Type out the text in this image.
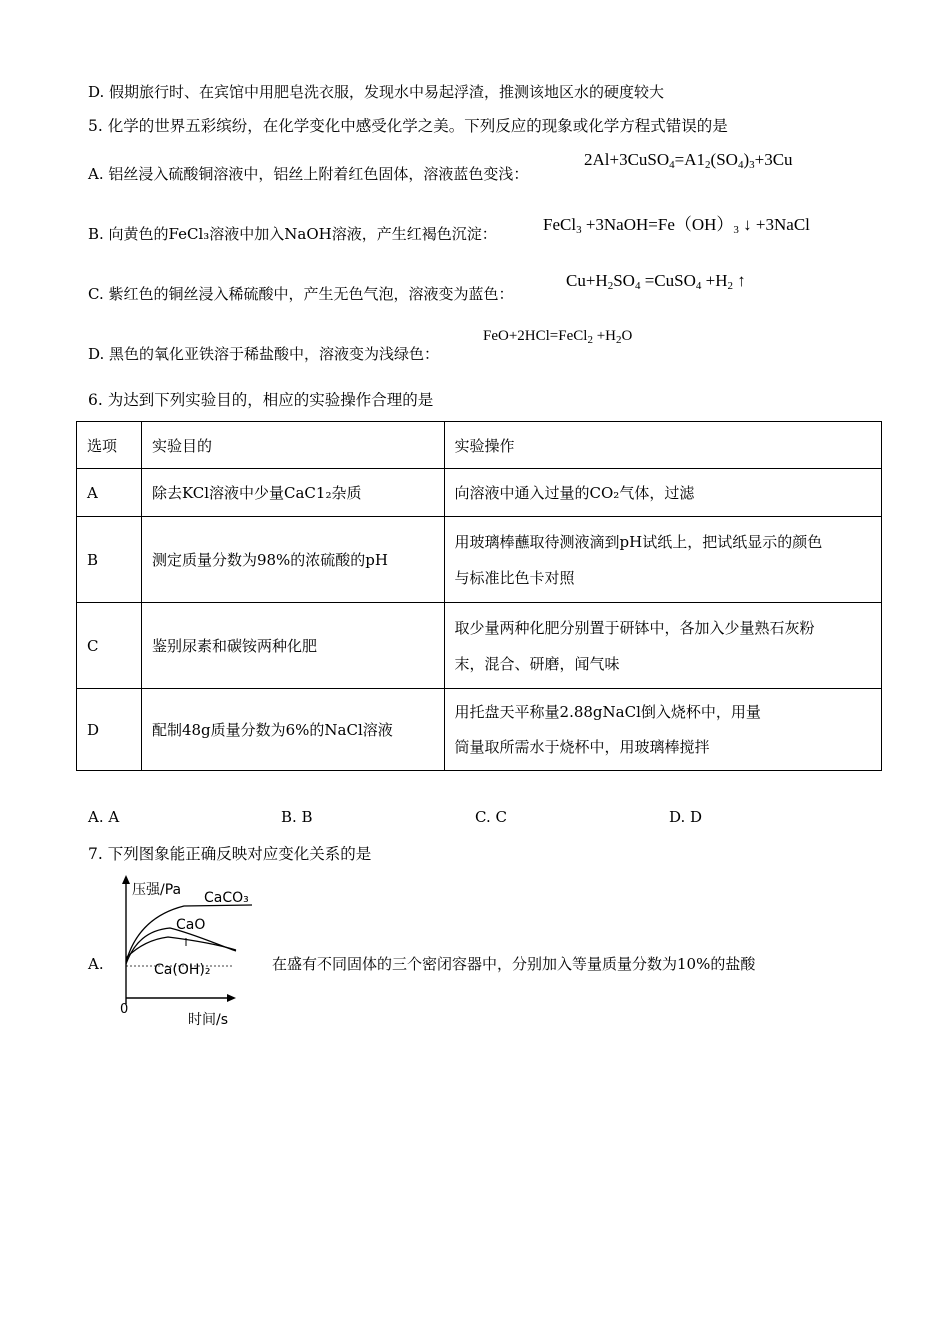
D. 假期旅行时、在宾馆中用肥皂洗衣服，发现水中易起浮渣，推测该地区水的硬度较大
5. 化学的世界五彩缤纷，在化学变化中感受化学之美。下列反应的现象或化学方程式错误的是
A. 铝丝浸入硫酸铜溶液中，铝丝上附着红色固体，溶液蓝色变浅：
$2Al+3CuSO_4=A1_2(SO_4)_3+3Cu$
B. 向黄色的FeCl₃溶液中加入NaOH溶液，产生红褐色沉淀：	FeCl$_3$ $+3NaOH=Fe(OH)_3$ ↓ +3NaCl
C. 紫红色的铜丝浸入稀硫酸中，产生无色气泡，溶液变为蓝色：
$Cu+H_2SO_4$ =CuSO$_4$ $+H_2$ ↑
D. 黑色的氧化亚铁溶于稀盐酸中，溶液变为浅绿色：
FeO+2HCl=FeCl$_2$ $+H_2O$
6. 为达到下列实验目的，相应的实验操作合理的是
选项	实验目的	实验操作
A	除去KCl溶液中少量CaC1₂杂质	向溶液中通入过量的CO₂气体，过滤
B	测定质量分数为98%的浓硫酸的pH	用玻璃棒蘸取待测液滴到pH试纸上，把试纸显示的颜色
与标准比色卡对照

C	鉴别尿素和碳铵两种化肥	取少量两种化肥分别置于研钵中，各加入少量熟石灰粉
末，混合、研磨，闻气味

D	配制48g质量分数为6%的NaCl溶液	用托盘天平称量2.88gNaCl倒入烧杯中，用量
筒量取所需水于烧杯中，用玻璃棒搅拌
A. A	B. B	C. C	D. D
7. 下列图象能正确反映对应变化关系的是
A.
压强/Pa CaCO₃
CaO
Ca(OH)₂
0
时间/s
在盛有不同固体的三个密闭容器中，分别加入等量质量分数为10%的盐酸
